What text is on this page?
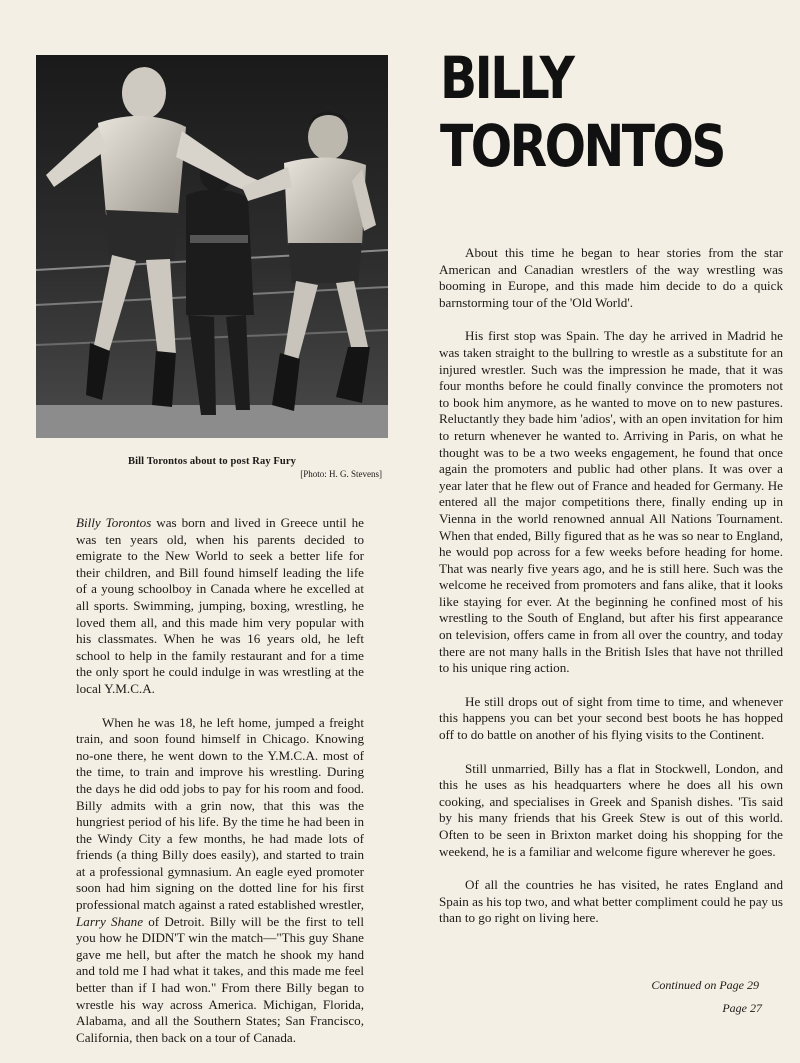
Bill Torontos about to post Ray Fury
[Photo: H. G. Stevens]
BILLY
TORONTOS

Billy Torontos was born and lived in Greece until he was ten years old, when his parents decided to emigrate to the New World to seek a better life for their children, and Bill found himself leading the life of a young schoolboy in Canada where he excelled at all sports. Swimming, jumping, boxing, wrestling, he loved them all, and this made him very popular with his classmates. When he was 16 years old, he left school to help in the family restaurant and for a time the only sport he could indulge in was wrestling at the local Y.M.C.A.

When he was 18, he left home, jumped a freight train, and soon found himself in Chicago. Knowing no-one there, he went down to the Y.M.C.A. most of the time, to train and improve his wrestling. During the days he did odd jobs to pay for his room and food. Billy admits with a grin now, that this was the hungriest period of his life. By the time he had been in the Windy City a few months, he had made lots of friends (a thing Billy does easily), and started to train at a professional gymnasium. An eagle eyed promoter soon had him signing on the dotted line for his first professional match against a rated established wrestler, Larry Shane of Detroit. Billy will be the first to tell you how he DIDN'T win the match—"This guy Shane gave me hell, but after the match he shook my hand and told me I had what it takes, and this made me feel better than if I had won." From there Billy began to wrestle his way across America. Michigan, Florida, Alabama, and all the Southern States; San Francisco, California, then back on a tour of Canada.

About this time he began to hear stories from the star American and Canadian wrestlers of the way wrestling was booming in Europe, and this made him decide to do a quick barnstorming tour of the 'Old World'.

His first stop was Spain. The day he arrived in Madrid he was taken straight to the bullring to wrestle as a substitute for an injured wrestler. Such was the impression he made, that it was four months before he could finally convince the promoters not to book him anymore, as he wanted to move on to new pastures. Reluctantly they bade him 'adios', with an open invitation for him to return whenever he wanted to. Arriving in Paris, on what he thought was to be a two weeks engagement, he found that once again the promoters and public had other plans. It was over a year later that he flew out of France and headed for Germany. He entered all the major competitions there, finally ending up in Vienna in the world renowned annual All Nations Tournament. When that ended, Billy figured that as he was so near to England, he would pop across for a few weeks before heading for home. That was nearly five years ago, and he is still here. Such was the welcome he received from promoters and fans alike, that it looks like staying for ever. At the beginning he confined most of his wrestling to the South of England, but after his first appearance on television, offers came in from all over the country, and today there are not many halls in the British Isles that have not thrilled to his unique ring action.

He still drops out of sight from time to time, and whenever this happens you can bet your second best boots he has hopped off to do battle on another of his flying visits to the Continent.

Still unmarried, Billy has a flat in Stockwell, London, and this he uses as his headquarters where he does all his own cooking, and specialises in Greek and Spanish dishes. 'Tis said by his many friends that his Greek Stew is out of this world. Often to be seen in Brixton market doing his shopping for the weekend, he is a familiar and welcome figure wherever he goes.

Of all the countries he has visited, he rates England and Spain as his top two, and what better compliment could he pay us than to go right on living here.

Continued on Page 29
Page 27
